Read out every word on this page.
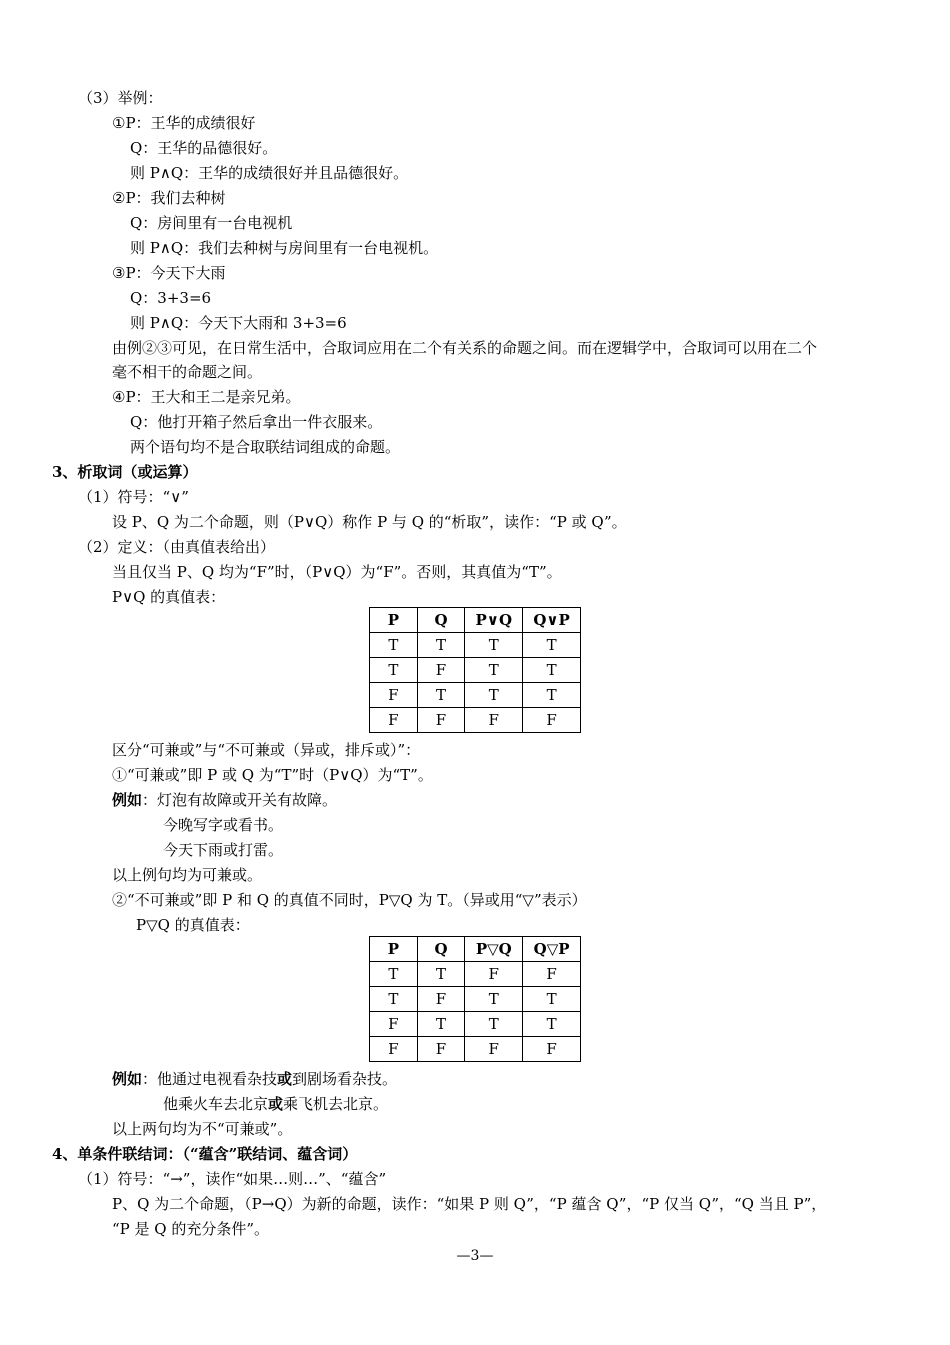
（3）举例：
①P：王华的成绩很好
Q：王华的品德很好。
则 P∧Q：王华的成绩很好并且品德很好。
②P：我们去种树
Q：房间里有一台电视机
则 P∧Q：我们去种树与房间里有一台电视机。
③P：今天下大雨
Q：3+3=6
则 P∧Q：今天下大雨和 3+3=6
由例②③可见，在日常生活中，合取词应用在二个有关系的命题之间。而在逻辑学中，合取词可以用在二个
毫不相干的命题之间。
④P：王大和王二是亲兄弟。
Q：他打开箱子然后拿出一件衣服来。
两个语句均不是合取联结词组成的命题。
3、析取词（或运算）
（1）符号：“∨”
设 P、Q 为二个命题，则（P∨Q）称作 P 与 Q 的“析取”，读作：“P 或 Q”。
（2）定义：（由真值表给出）
当且仅当 P、Q 均为“F”时，（P∨Q）为“F”。否则，其真值为“T”。
P∨Q 的真值表：
P	Q	P∨Q	Q∨P
T	T	T	T
T	F	T	T
F	T	T	T
F	F	F	F
区分“可兼或”与“不可兼或（异或，排斥或）”：
①“可兼或”即 P 或 Q 为“T”时（P∨Q）为“T”。
例如：灯泡有故障或开关有故障。
今晚写字或看书。
今天下雨或打雷。
以上例句均为可兼或。
②“不可兼或”即 P 和 Q 的真值不同时，P▽Q 为 T。（异或用“▽”表示）
P▽Q 的真值表：
P	Q	P▽Q	Q▽P
T	T	F	F
T	F	T	T
F	T	T	T
F	F	F	F
例如：他通过电视看杂技或到剧场看杂技。
他乘火车去北京或乘飞机去北京。
以上两句均为不“可兼或”。
4、单条件联结词：（“蕴含”联结词、蕴含词）
（1）符号：“→”，读作“如果…则…”、“蕴含”
P、Q 为二个命题，（P→Q）为新的命题，读作：“如果 P 则 Q”，“P 蕴含 Q”，“P 仅当 Q”，“Q 当且 P”，
“P 是 Q 的充分条件”。
—3—
